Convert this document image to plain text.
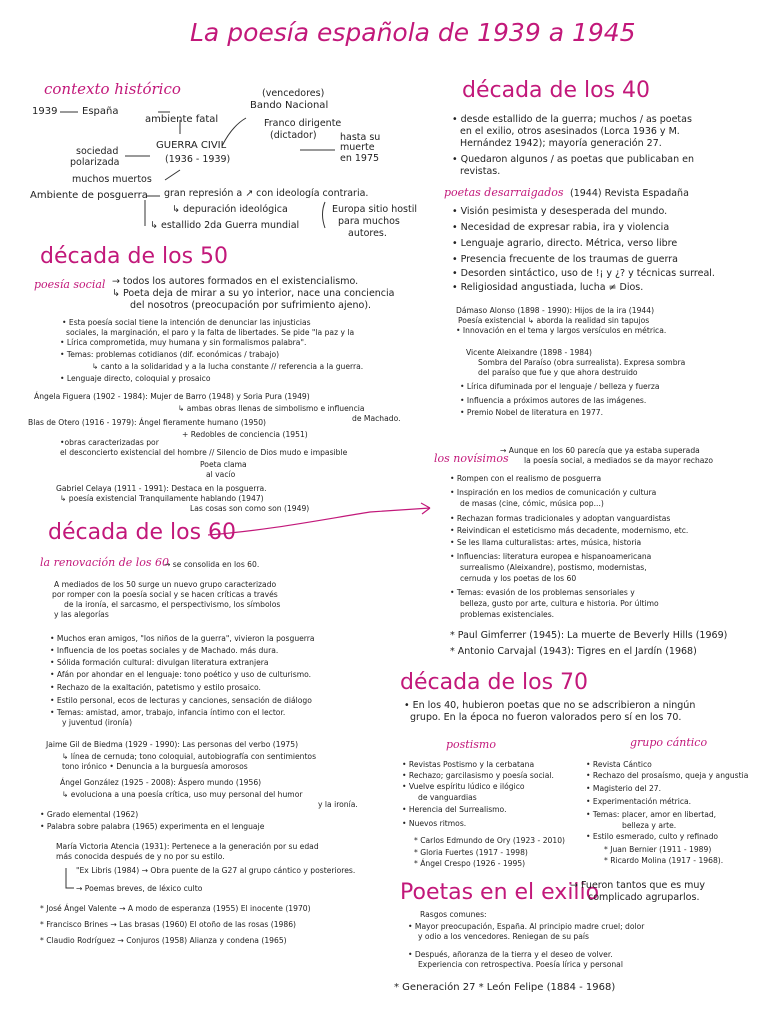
La poesía española de 1939 a 1945
contexto histórico
1939 España
ambiente fatal
(vencedores)
Bando Nacional
Franco dirigente
(dictador) hasta su
muerte
en 1975
sociedad
polarizada
GUERRA CIVIL
(1936 - 1939)
muchos muertos
Ambiente de posguerra gran represión a ↗ con ideología contraria.
↳ depuración ideológica
↳ estallido 2da Guerra mundial
Europa sitio hostil
para muchos
autores.
década de los 50
poesía social → todos los autores formados en el existencialismo.
↳ Poeta deja de mirar a su yo interior, nace una conciencia
del nosotros (preocupación por sufrimiento ajeno).
• Esta poesía social tiene la intención de denunciar las injusticias
sociales, la marginación, el paro y la falta de libertades. Se pide "la paz y la
• Lírica comprometida, muy humana y sin formalismos palabra".
• Temas: problemas cotidianos (dif. económicas / trabajo)
↳ canto a la solidaridad y a la lucha constante // referencia a la guerra.
• Lenguaje directo, coloquial y prosaico
Ángela Figuera (1902 - 1984): Mujer de Barro (1948) y Soria Pura (1949)
↳ ambas obras llenas de simbolismo e influencia
de Machado.
Blas de Otero (1916 - 1979): Ángel fieramente humano (1950)
+ Redobles de conciencia (1951)
•obras caracterizadas por
el desconcierto existencial del hombre // Silencio de Dios mudo e impasible
Poeta clama
al vacío
Gabriel Celaya (1911 - 1991): Destaca en la posguerra.
↳ poesía existencial Tranquilamente hablando (1947)
Las cosas son como son (1949)
década de los 60
la renovación de los 60
→ se consolida en los 60.
A mediados de los 50 surge un nuevo grupo caracterizado
por romper con la poesía social y se hacen críticas a través
de la ironía, el sarcasmo, el perspectivismo, los símbolos
y las alegorías
• Muchos eran amigos, "los niños de la guerra", vivieron la posguerra
• Influencia de los poetas sociales y de Machado. más dura.
• Sólida formación cultural: divulgan literatura extranjera
• Afán por ahondar en el lenguaje: tono poético y uso de culturismo.
• Rechazo de la exaltación, patetismo y estilo prosaico.
• Estilo personal, ecos de lecturas y canciones, sensación de diálogo
• Temas: amistad, amor, trabajo, infancia íntimo con el lector.
y juventud (ironía)
Jaime Gil de Biedma (1929 - 1990): Las personas del verbo (1975)
↳ línea de cernuda; tono coloquial, autobiografía con sentimientos
tono irónico • Denuncia a la burguesía amorosos
Ángel González (1925 - 2008): Áspero mundo (1956)
↳ evoluciona a una poesía crítica, uso muy personal del humor
y la ironía.
• Grado elemental (1962)
• Palabra sobre palabra (1965) experimenta en el lenguaje
María Victoria Atencia (1931): Pertenece a la generación por su edad
más conocida después de y no por su estilo.
"Ex Libris (1984) → Obra puente de la G27 al grupo cántico y posteriores.
→ Poemas breves, de léxico culto
* José Ángel Valente → A modo de esperanza (1955) El inocente (1970)
* Francisco Brines → Las brasas (1960) El otoño de las rosas (1986)
* Claudio Rodríguez → Conjuros (1958) Alianza y condena (1965)
década de los 40
• desde estallido de la guerra; muchos / as poetas
en el exilio, otros asesinados (Lorca 1936 y M.
Hernández 1942); mayoría generación 27.
• Quedaron algunos / as poetas que publicaban en
revistas.
poetas desarraigados (1944) Revista Espadaña
• Visión pesimista y desesperada del mundo.
• Necesidad de expresar rabia, ira y violencia
• Lenguaje agrario, directo. Métrica, verso libre
• Presencia frecuente de los traumas de guerra
• Desorden sintáctico, uso de !¡ y ¿? y técnicas surreal.
• Religiosidad angustiada, lucha ≠ Dios.
Dámaso Alonso (1898 - 1990): Hijos de la ira (1944)
Poesía existencial ↳ aborda la realidad sin tapujos
• Innovación en el tema y largos versículos en métrica.
Vicente Aleixandre (1898 - 1984)
Sombra del Paraíso (obra surrealista). Expresa sombra
del paraíso que fue y que ahora destruido
• Lírica difuminada por el lenguaje / belleza y fuerza
• Influencia a próximos autores de las imágenes.
• Premio Nobel de literatura en 1977.
los novísimos
→ Aunque en los 60 parecía que ya estaba superada
la poesía social, a mediados se da mayor rechazo
• Rompen con el realismo de posguerra
• Inspiración en los medios de comunicación y cultura
de masas (cine, cómic, música pop...)
• Rechazan formas tradicionales y adoptan vanguardistas
• Reivindican el esteticismo más decadente, modernismo, etc.
• Se les llama culturalistas: artes, música, historia
• Influencias: literatura europea e hispanoamericana
surrealismo (Aleixandre), postismo, modernistas,
cernuda y los poetas de los 60
• Temas: evasión de los problemas sensoriales y
belleza, gusto por arte, cultura e historia. Por último
problemas existenciales.
* Paul Gimferrer (1945): La muerte de Beverly Hills (1969)
* Antonio Carvajal (1943): Tigres en el Jardín (1968)
década de los 70
• En los 40, hubieron poetas que no se adscribieron a ningún
grupo. En la época no fueron valorados pero sí en los 70.
postismo
• Revistas Postismo y la cerbatana
• Rechazo; garcilasismo y poesía social.
• Vuelve espíritu lúdico e ilógico
de vanguardias
• Herencia del Surrealismo.
• Nuevos ritmos.
* Carlos Edmundo de Ory (1923 - 2010)
* Gloria Fuertes (1917 - 1998)
* Ángel Crespo (1926 - 1995)
grupo cántico
• Revista Cántico
• Rechazo del prosaísmo, queja y angustia
• Magisterio del 27.
• Experimentación métrica.
• Temas: placer, amor en libertad,
belleza y arte.
• Estilo esmerado, culto y refinado
* Juan Bernier (1911 - 1989)
* Ricardo Molina (1917 - 1968).
Poetas en el exilio
→ Fueron tantos que es muy
complicado agruparlos.
Rasgos comunes:
• Mayor preocupación, España. Al principio madre cruel; dolor
y odio a los vencedores. Reniegan de su país
• Después, añoranza de la tierra y el deseo de volver.
Experiencia con retrospectiva. Poesía lírica y personal
* Generación 27 * León Felipe (1884 - 1968)
